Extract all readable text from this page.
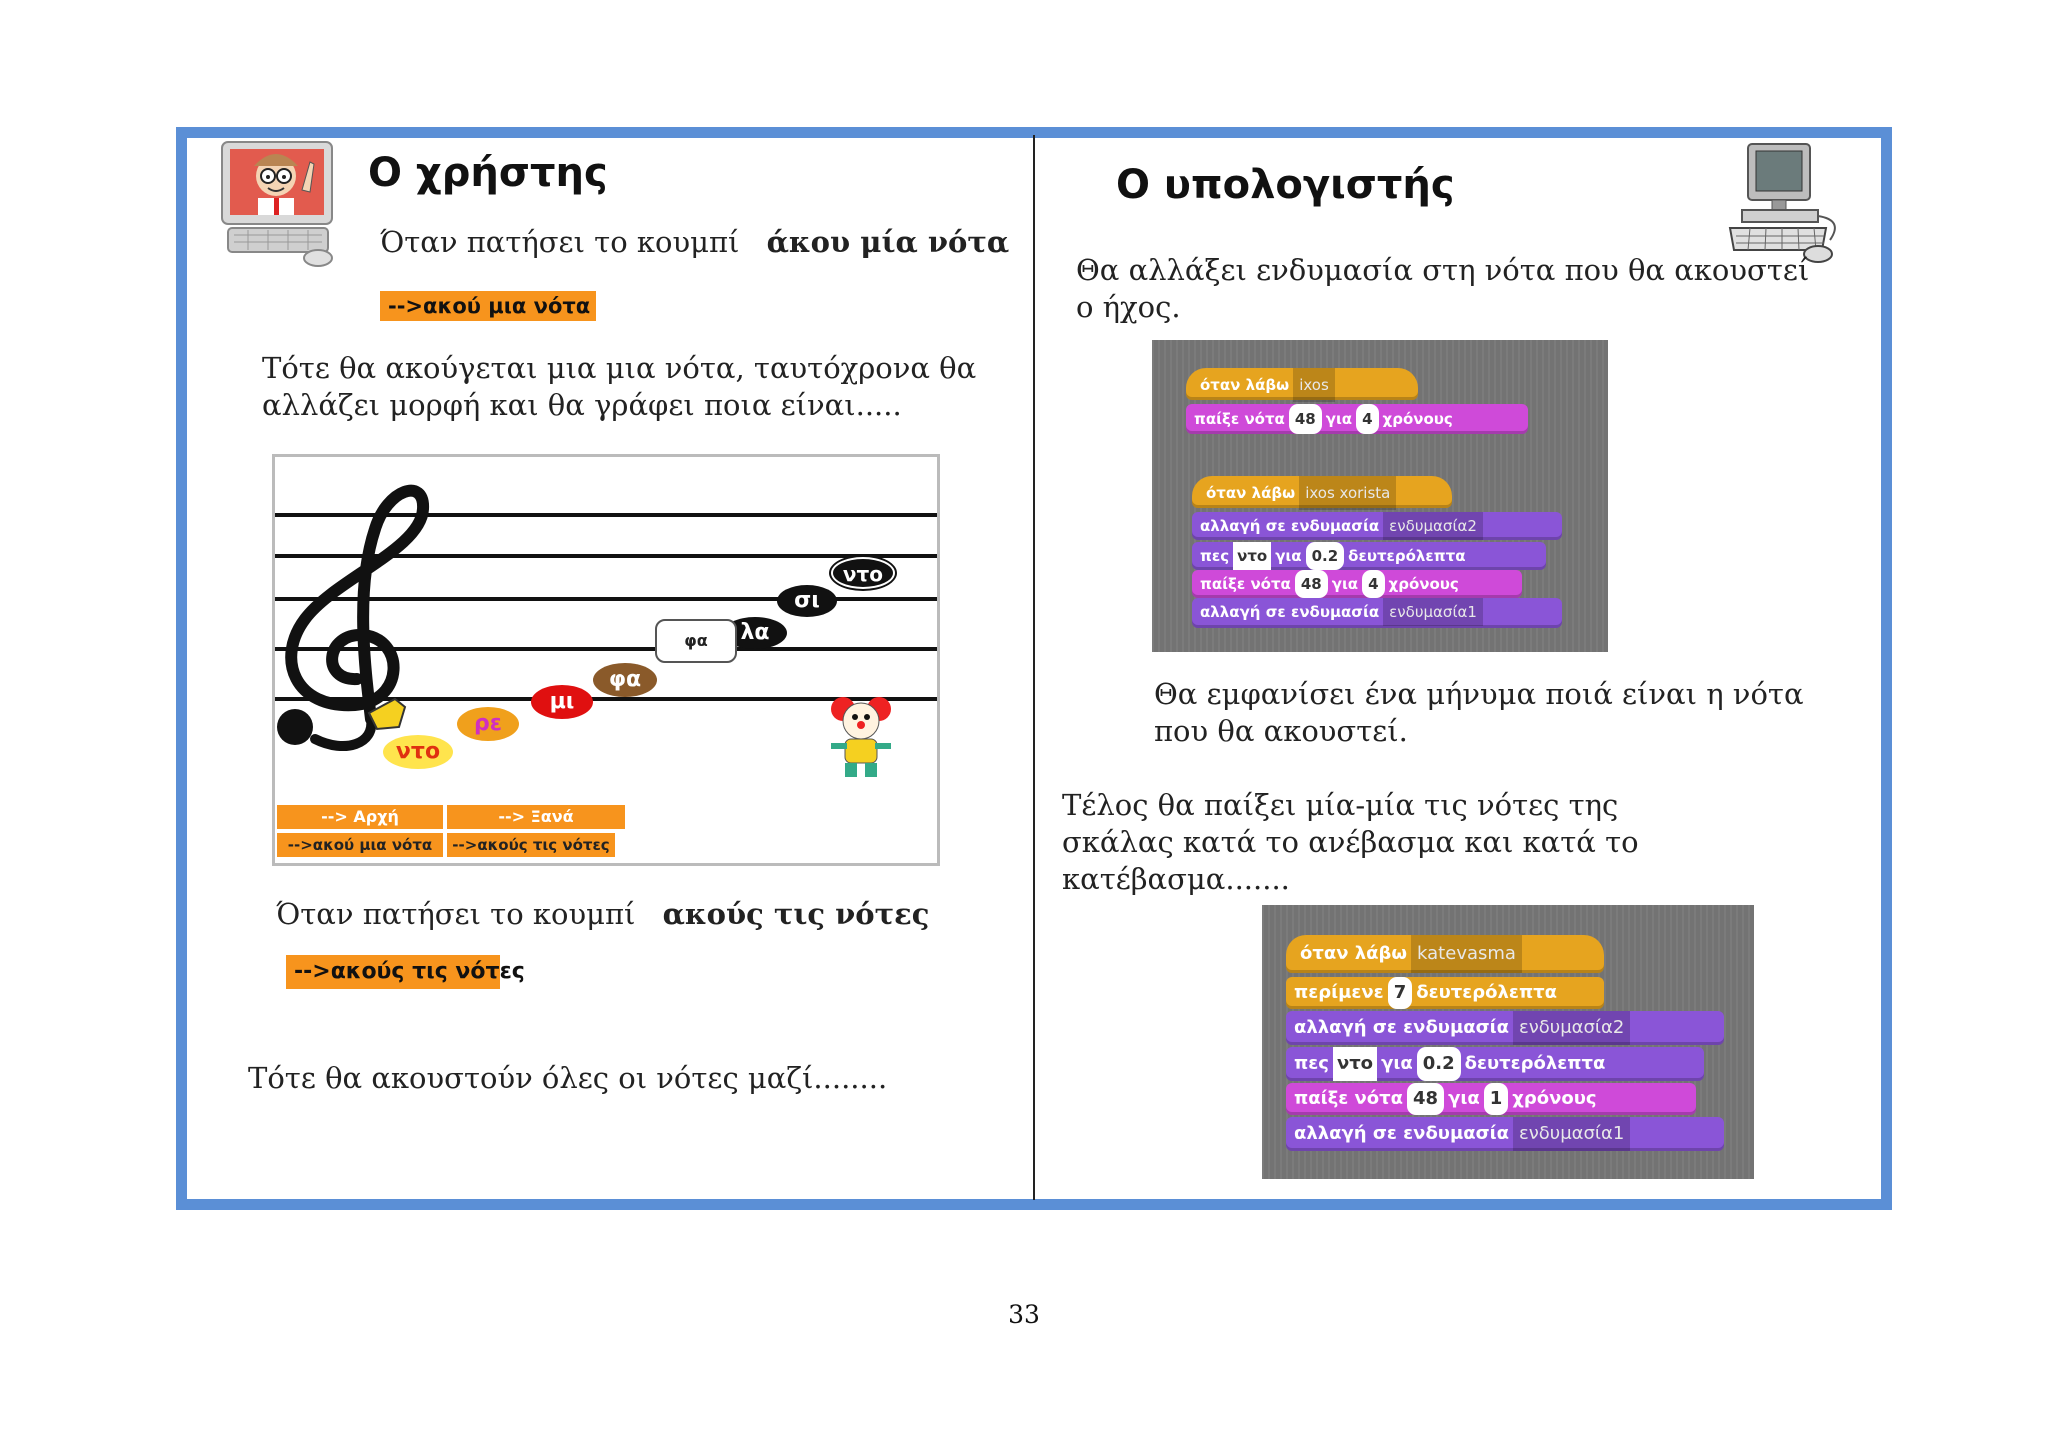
Ο χρήστης
Όταν πατήσει το κουμπί άκου μία νότα
-->ακού μια νότα
Τότε θα ακούγεται μια μια νότα, ταυτόχρονα θα αλλάζει μορφή και θα γράφει ποια είναι.....
ντο
ρε
μι
φα
λα
σι
ντο
φα
--> Αρχή	--> Ξανά
-->ακού μια νότα	-->ακούς τις νότες
Όταν πατήσει το κουμπί ακούς τις νότες
-->ακούς τις νότες
Τότε θα ακουστούν όλες οι νότες μαζί........
Ο υπολογιστής
Θα αλλάξει ενδυμασία στη νότα που θα ακουστεί ο ήχος.
όταν λάβω ixos
παίξε νότα 48 για 4 χρόνους
όταν λάβω ixos xorista
αλλαγή σε ενδυμασία ενδυμασία2
πες ντο για 0.2 δευτερόλεπτα
παίξε νότα 48 για 4 χρόνους
αλλαγή σε ενδυμασία ενδυμασία1
Θα εμφανίσει ένα μήνυμα ποιά είναι η νότα που θα ακουστεί.
Τέλος θα παίξει μία-μία τις νότες της σκάλας κατά το ανέβασμα και κατά το κατέβασμα.......
όταν λάβω katevasma
περίμενε 7 δευτερόλεπτα
αλλαγή σε ενδυμασία ενδυμασία2
πες ντο για 0.2 δευτερόλεπτα
παίξε νότα 48 για 1 χρόνους
αλλαγή σε ενδυμασία ενδυμασία1
33
